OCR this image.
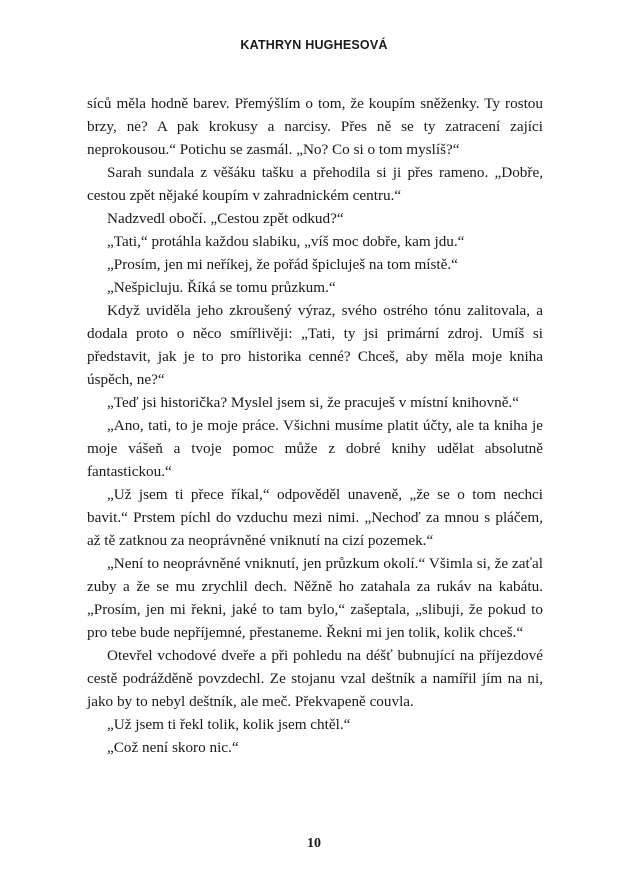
KATHRYN HUGHESOVÁ

síců měla hodně barev. Přemýšlím o tom, že koupím sněženky. Ty rostou brzy, ne? A pak krokusy a narcisy. Přes ně se ty zatracení zajíci neprokousou.“ Potichu se zasmál. „No? Co si o tom myslíš?“

Sarah sundala z věšáku tašku a přehodila si ji přes rameno. „Dobře, cestou zpět nějaké koupím v zahradnickém centru.“

Nadzvedl obočí. „Cestou zpět odkud?“

„Tati,“ protáhla každou slabiku, „víš moc dobře, kam jdu.“

„Prosím, jen mi neříkej, že pořád špicluješ na tom místě.“

„Nešpicluju. Říká se tomu průzkum.“

Když uviděla jeho zkroušený výraz, svého ostrého tónu zalitovala, a dodala proto o něco smířlivěji: „Tati, ty jsi primární zdroj. Umíš si představit, jak je to pro historika cenné? Chceš, aby měla moje kniha úspěch, ne?“

„Teď jsi historička? Myslel jsem si, že pracuješ v místní knihovně.“

„Ano, tati, to je moje práce. Všichni musíme platit účty, ale ta kniha je moje vášeň a tvoje pomoc může z dobré knihy udělat absolutně fantastickou.“

„Už jsem ti přece říkal,“ odpověděl unaveně, „že se o tom nechci bavit.“ Prstem píchl do vzduchu mezi nimi. „Nechoď za mnou s pláčem, až tě zatknou za neoprávněné vniknutí na cizí pozemek.“

„Není to neoprávněné vniknutí, jen průzkum okolí.“ Všimla si, že zaťal zuby a že se mu zrychlil dech. Něžně ho zatahala za rukáv na kabátu. „Prosím, jen mi řekni, jaké to tam bylo,“ zašeptala, „slibuji, že pokud to pro tebe bude nepříjemné, přestaneme. Řekni mi jen tolik, kolik chceš.“

Otevřel vchodové dveře a při pohledu na déšť bubnující na příjezdové cestě podrážděně povzdechl. Ze stojanu vzal deštník a namířil jím na ni, jako by to nebyl deštník, ale meč. Překvapeně couvla.

„Už jsem ti řekl tolik, kolik jsem chtěl.“

„Což není skoro nic.“

10
